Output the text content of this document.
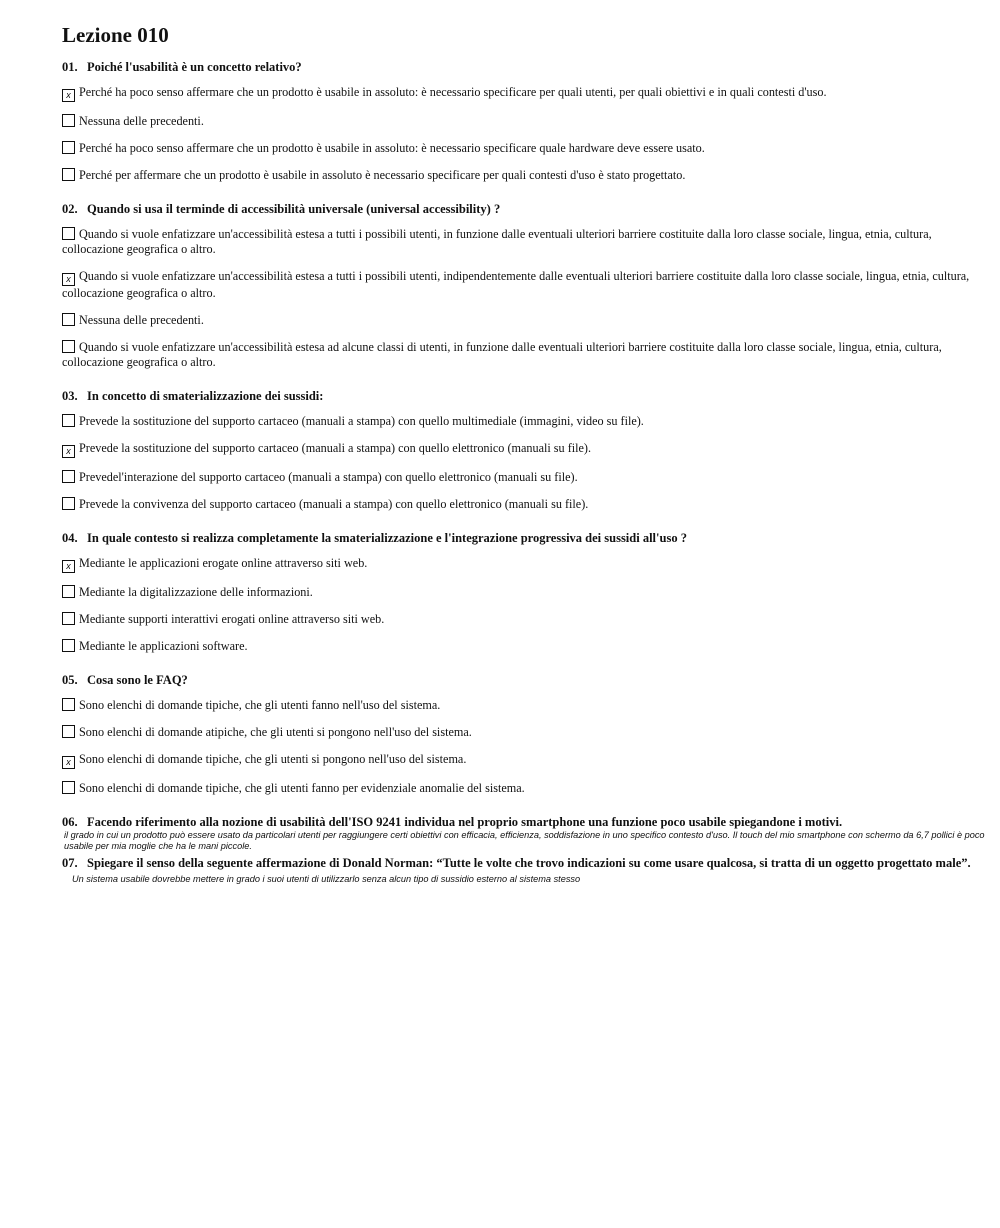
Lezione 010
01. Poiché l'usabilità è un concetto relativo?
x Perché ha poco senso affermare che un prodotto è usabile in assoluto: è necessario specificare per quali utenti, per quali obiettivi e in quali contesti d'uso.
Nessuna delle precedenti.
Perché ha poco senso affermare che un prodotto è usabile in assoluto: è necessario specificare quale hardware deve essere usato.
Perché per affermare che un prodotto è usabile in assoluto è necessario specificare per quali contesti d'uso è stato progettato.
02. Quando si usa il terminde di accessibilità universale (universal accessibility) ?
Quando si vuole enfatizzare un'accessibilità estesa a tutti i possibili utenti, in funzione dalle eventuali ulteriori barriere costituite dalla loro classe sociale, lingua, etnia, cultura, collocazione geografica o altro.
x Quando si vuole enfatizzare un'accessibilità estesa a tutti i possibili utenti, indipendentemente dalle eventuali ulteriori barriere costituite dalla loro classe sociale, lingua, etnia, cultura, collocazione geografica o altro.
Nessuna delle precedenti.
Quando si vuole enfatizzare un'accessibilità estesa ad alcune classi di utenti, in funzione dalle eventuali ulteriori barriere costituite dalla loro classe sociale, lingua, etnia, cultura, collocazione geografica o altro.
03. In concetto di smaterializzazione dei sussidi:
Prevede la sostituzione del supporto cartaceo (manuali a stampa) con quello multimediale (immagini, video su file).
x Prevede la sostituzione del supporto cartaceo (manuali a stampa) con quello elettronico (manuali su file).
Prevedel'interazione del supporto cartaceo (manuali a stampa) con quello elettronico (manuali su file).
Prevede la convivenza del supporto cartaceo (manuali a stampa) con quello elettronico (manuali su file).
04. In quale contesto si realizza completamente la smaterializzazione e l'integrazione progressiva dei sussidi all'uso ?
x Mediante le applicazioni erogate online attraverso siti web.
Mediante la digitalizzazione delle informazioni.
Mediante supporti interattivi erogati online attraverso siti web.
Mediante le applicazioni software.
05. Cosa sono le FAQ?
Sono elenchi di domande tipiche, che gli utenti fanno nell'uso del sistema.
Sono elenchi di domande atipiche, che gli utenti si pongono nell'uso del sistema.
x Sono elenchi di domande tipiche, che gli utenti si pongono nell'uso del sistema.
Sono elenchi di domande tipiche, che gli utenti fanno per evidenziale anomalie del sistema.
06. Facendo riferimento alla nozione di usabilità dell'ISO 9241 individua nel proprio smartphone una funzione poco usabile spiegandone i motivi.

il grado in cui un prodotto può essere usato da particolari utenti per raggiungere certi obiettivi con efficacia, efficienza, soddisfazione in uno specifico contesto d'uso. Il touch del mio smartphone con schermo da 6,7 pollici è poco usabile per mia moglie che ha le mani piccole.

07. Spiegare il senso della seguente affermazione di Donald Norman: “Tutte le volte che trovo indicazioni su come usare qualcosa, si tratta di un oggetto progettato male”.

Un sistema usabile dovrebbe mettere in grado i suoi utenti di utilizzarlo senza alcun tipo di sussidio esterno al sistema stesso
